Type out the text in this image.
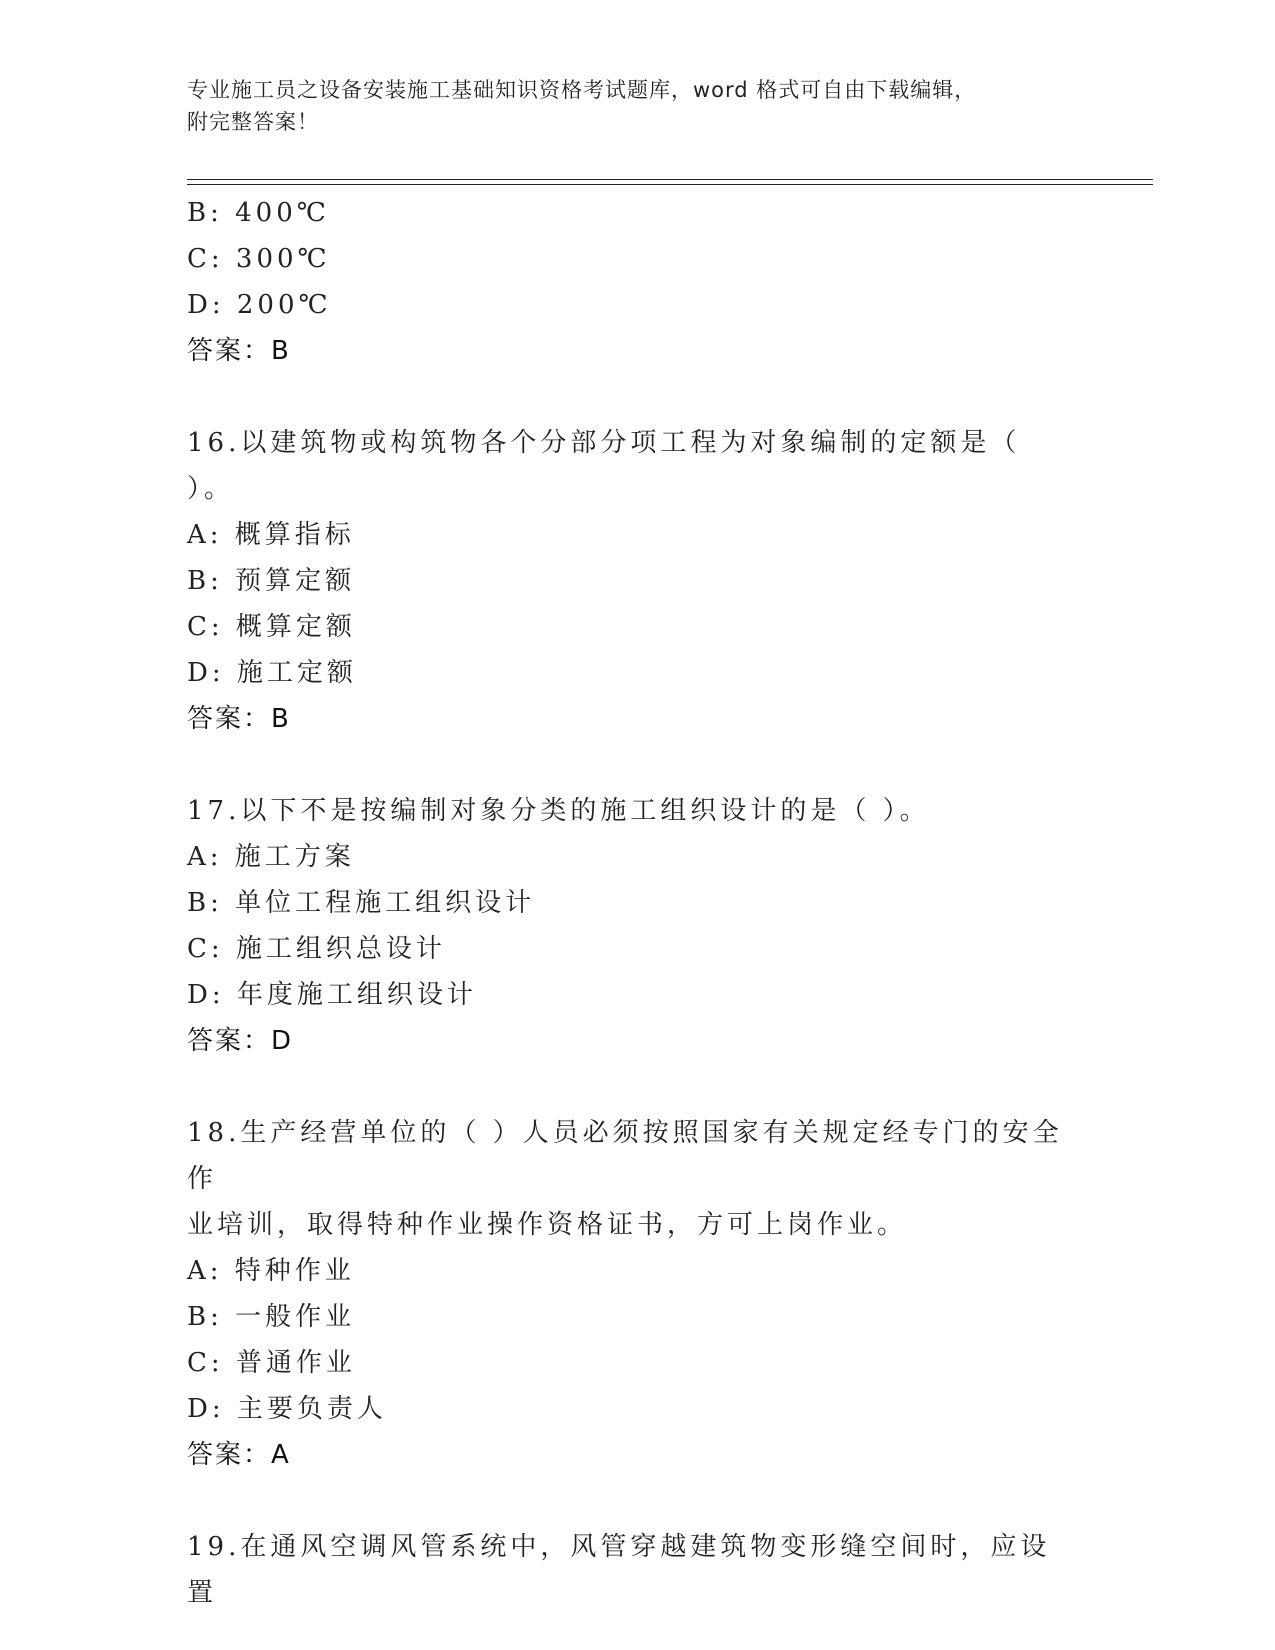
专业施工员之设备安装施工基础知识资格考试题库，word 格式可自由下载编辑，
附完整答案！
B: 400℃
C: 300℃
D: 200℃
答案：B
16.以建筑物或构筑物各个分部分项工程为对象编制的定额是（ ）。
A: 概算指标
B: 预算定额
C: 概算定额
D: 施工定额
答案：B
17.以下不是按编制对象分类的施工组织设计的是（ ）。
A: 施工方案
B: 单位工程施工组织设计
C: 施工组织总设计
D: 年度施工组织设计
答案：D
18.生产经营单位的（ ）人员必须按照国家有关规定经专门的安全作
业培训，取得特种作业操作资格证书，方可上岗作业。
A: 特种作业
B: 一般作业
C: 普通作业
D: 主要负责人
答案：A
19.在通风空调风管系统中，风管穿越建筑物变形缝空间时，应设置
